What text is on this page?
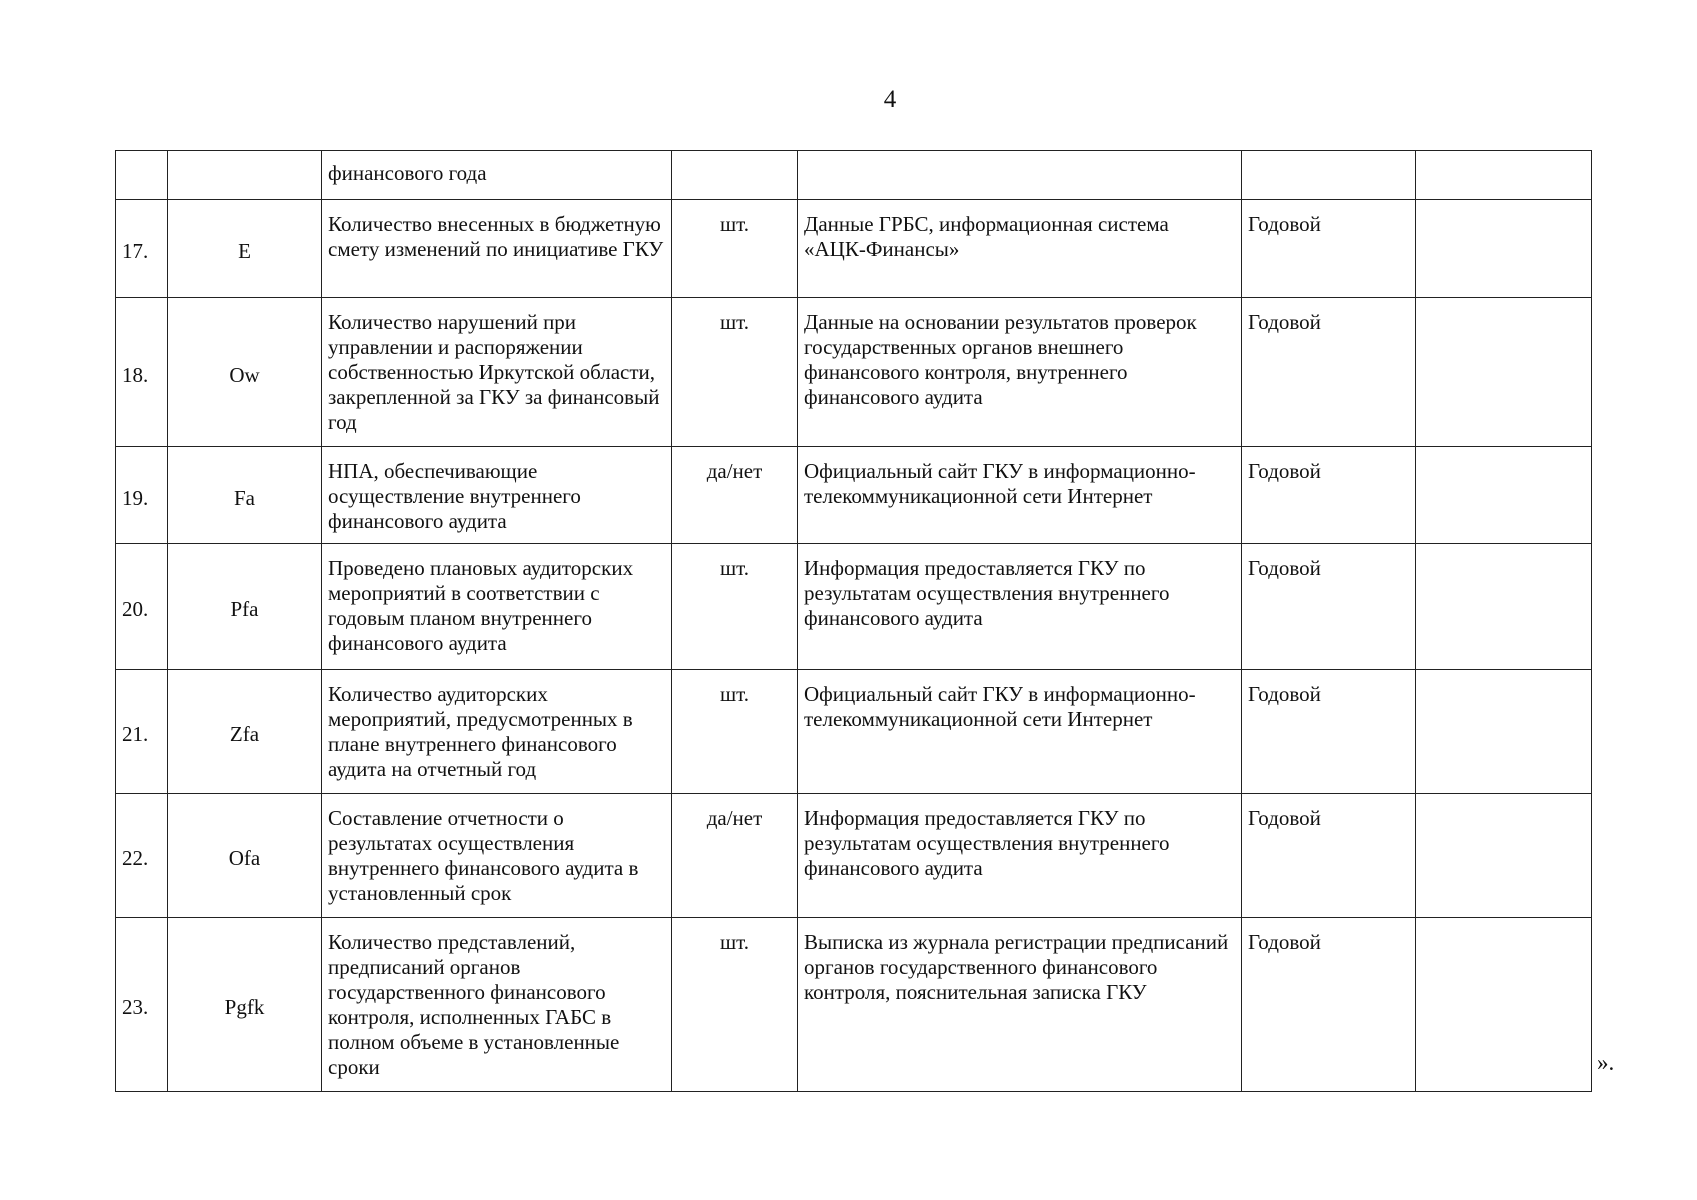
4
		финансового года				
17.	E	Количество внесенных в бюджетную смету изменений по инициативе ГКУ	шт.	Данные ГРБС, информационная система «АЦК-Финансы»	Годовой	
18.	Ow	Количество нарушений при управлении и распоряжении собственностью Иркутской области, закрепленной за ГКУ за финансовый год	шт.	Данные на основании результатов проверок государственных органов внешнего финансового контроля, внутреннего финансового аудита	Годовой	
19.	Fa	НПА, обеспечивающие осуществление внутреннего финансового аудита	да/нет	Официальный сайт ГКУ в информационно-телекоммуникационной сети Интернет	Годовой	
20.	Pfa	Проведено плановых аудиторских мероприятий в соответствии с годовым планом внутреннего финансового аудита	шт.	Информация предоставляется ГКУ по результатам осуществления внутреннего финансового аудита	Годовой	
21.	Zfa	Количество аудиторских мероприятий, предусмотренных в плане внутреннего финансового аудита на отчетный год	шт.	Официальный сайт ГКУ в информационно-телекоммуникационной сети Интернет	Годовой	
22.	Ofa	Составление отчетности о результатах осуществления внутреннего финансового аудита в установленный срок	да/нет	Информация предоставляется ГКУ по результатам осуществления внутреннего финансового аудита	Годовой	
23.	Pgfk	Количество представлений, предписаний органов государственного финансового контроля, исполненных ГАБС в полном объеме в установленные сроки	шт.	Выписка из журнала регистрации предписаний органов государственного финансового контроля, пояснительная записка ГКУ	Годовой	
».
